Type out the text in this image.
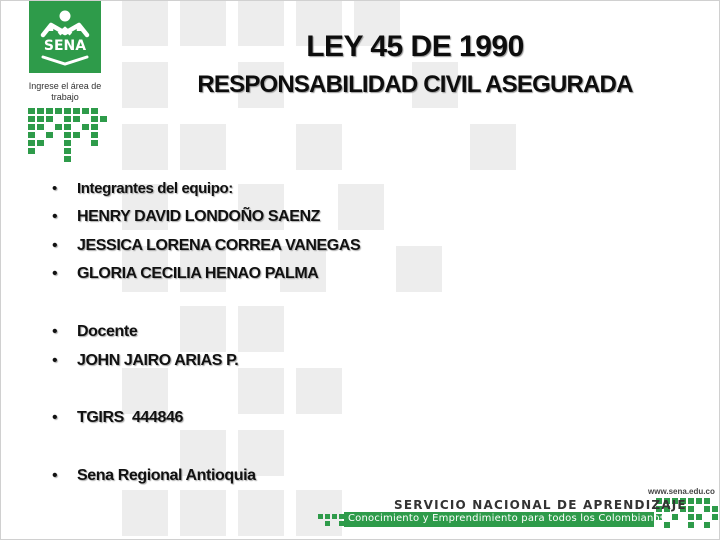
SENA
Ingrese el área de trabajo
LEY 45 DE 1990
RESPONSABILIDAD CIVIL ASEGURADA
• Integrantes del equipo:
• HENRY DAVID LONDOÑO SAENZ
• JESSICA LORENA CORREA VANEGAS
• GLORIA CECILIA HENAO PALMA
• Docente
• JOHN JAIRO ARIAS P.
• TGIRS  444846
• Sena Regional Antioquia
www.sena.edu.co
SERVICIO NACIONAL DE APRENDIZAJE
Conocimiento y Emprendimiento para todos los Colombianos
